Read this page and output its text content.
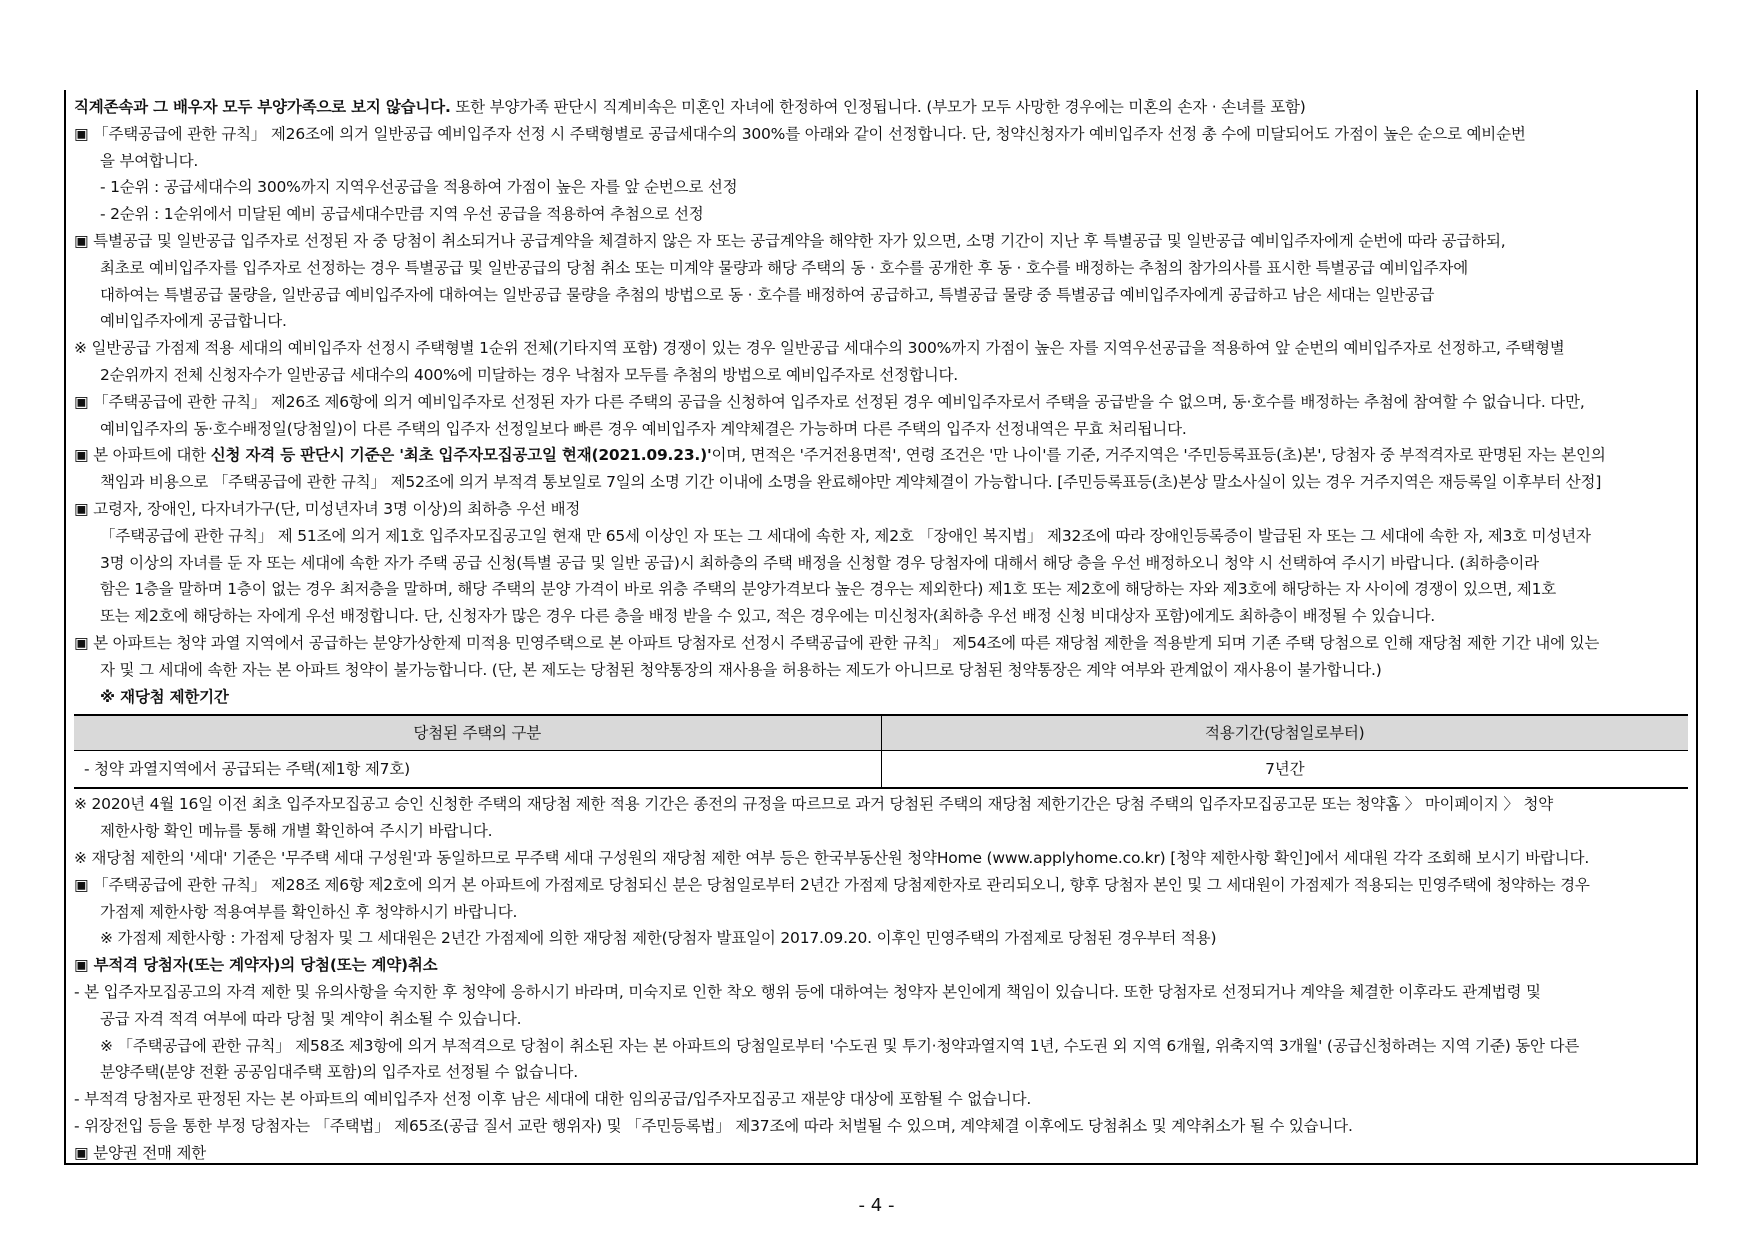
직계존속과 그 배우자 모두 부양가족으로 보지 않습니다. 또한 부양가족 판단시 직계비속은 미혼인 자녀에 한정하여 인정됩니다. (부모가 모두 사망한 경우에는 미혼의 손자 · 손녀를 포함)
▣ 「주택공급에 관한 규칙」 제26조에 의거 일반공급 예비입주자 선정 시 주택형별로 공급세대수의 300%를 아래와 같이 선정합니다. 단, 청약신청자가 예비입주자 선정 총 수에 미달되어도 가점이 높은 순으로 예비순번
을 부여합니다.
- 1순위 : 공급세대수의 300%까지 지역우선공급을 적용하여 가점이 높은 자를 앞 순번으로 선정
- 2순위 : 1순위에서 미달된 예비 공급세대수만큼 지역 우선 공급을 적용하여 추첨으로 선정
▣ 특별공급 및 일반공급 입주자로 선정된 자 중 당첨이 취소되거나 공급계약을 체결하지 않은 자 또는 공급계약을 해약한 자가 있으면, 소명 기간이 지난 후 특별공급 및 일반공급 예비입주자에게 순번에 따라 공급하되,
최초로 예비입주자를 입주자로 선정하는 경우 특별공급 및 일반공급의 당첨 취소 또는 미계약 물량과 해당 주택의 동 · 호수를 공개한 후 동 · 호수를 배정하는 추첨의 참가의사를 표시한 특별공급 예비입주자에
대하여는 특별공급 물량을, 일반공급 예비입주자에 대하여는 일반공급 물량을 추첨의 방법으로 동 · 호수를 배정하여 공급하고, 특별공급 물량 중 특별공급 예비입주자에게 공급하고 남은 세대는 일반공급
예비입주자에게 공급합니다.
※ 일반공급 가점제 적용 세대의 예비입주자 선정시 주택형별 1순위 전체(기타지역 포함) 경쟁이 있는 경우 일반공급 세대수의 300%까지 가점이 높은 자를 지역우선공급을 적용하여 앞 순번의 예비입주자로 선정하고, 주택형별
2순위까지 전체 신청자수가 일반공급 세대수의 400%에 미달하는 경우 낙첨자 모두를 추첨의 방법으로 예비입주자로 선정합니다.
▣ 「주택공급에 관한 규칙」 제26조 제6항에 의거 예비입주자로 선정된 자가 다른 주택의 공급을 신청하여 입주자로 선정된 경우 예비입주자로서 주택을 공급받을 수 없으며, 동·호수를 배정하는 추첨에 참여할 수 없습니다. 다만,
예비입주자의 동·호수배정일(당첨일)이 다른 주택의 입주자 선정일보다 빠른 경우 예비입주자 계약체결은 가능하며 다른 주택의 입주자 선정내역은 무효 처리됩니다.
▣ 본 아파트에 대한 신청 자격 등 판단시 기준은 '최초 입주자모집공고일 현재(2021.09.23.)'이며, 면적은 '주거전용면적', 연령 조건은 '만 나이'를 기준, 거주지역은 '주민등록표등(초)본', 당첨자 중 부적격자로 판명된 자는 본인의
책임과 비용으로 「주택공급에 관한 규칙」 제52조에 의거 부적격 통보일로 7일의 소명 기간 이내에 소명을 완료해야만 계약체결이 가능합니다. [주민등록표등(초)본상 말소사실이 있는 경우 거주지역은 재등록일 이후부터 산정]
▣ 고령자, 장애인, 다자녀가구(단, 미성년자녀 3명 이상)의 최하층 우선 배정
「주택공급에 관한 규칙」 제 51조에 의거 제1호 입주자모집공고일 현재 만 65세 이상인 자 또는 그 세대에 속한 자, 제2호 「장애인 복지법」 제32조에 따라 장애인등록증이 발급된 자 또는 그 세대에 속한 자, 제3호 미성년자
3명 이상의 자녀를 둔 자 또는 세대에 속한 자가 주택 공급 신청(특별 공급 및 일반 공급)시 최하층의 주택 배정을 신청할 경우 당첨자에 대해서 해당 층을 우선 배정하오니 청약 시 선택하여 주시기 바랍니다. (최하층이라
함은 1층을 말하며 1층이 없는 경우 최저층을 말하며, 해당 주택의 분양 가격이 바로 위층 주택의 분양가격보다 높은 경우는 제외한다) 제1호 또는 제2호에 해당하는 자와 제3호에 해당하는 자 사이에 경쟁이 있으면, 제1호
또는 제2호에 해당하는 자에게 우선 배정합니다. 단, 신청자가 많은 경우 다른 층을 배정 받을 수 있고, 적은 경우에는 미신청자(최하층 우선 배정 신청 비대상자 포함)에게도 최하층이 배정될 수 있습니다.
▣ 본 아파트는 청약 과열 지역에서 공급하는 분양가상한제 미적용 민영주택으로 본 아파트 당첨자로 선정시 주택공급에 관한 규칙」 제54조에 따른 재당첨 제한을 적용받게 되며 기존 주택 당첨으로 인해 재당첨 제한 기간 내에 있는
자 및 그 세대에 속한 자는 본 아파트 청약이 불가능합니다. (단, 본 제도는 당첨된 청약통장의 재사용을 허용하는 제도가 아니므로 당첨된 청약통장은 계약 여부와 관계없이 재사용이 불가합니다.)
※ 재당첨 제한기간
당첨된 주택의 구분	적용기간(당첨일로부터)
- 청약 과열지역에서 공급되는 주택(제1항 제7호)	7년간
※ 2020년 4월 16일 이전 최초 입주자모집공고 승인 신청한 주택의 재당첨 제한 적용 기간은 종전의 규정을 따르므로 과거 당첨된 주택의 재당첨 제한기간은 당첨 주택의 입주자모집공고문 또는 청약홈 〉 마이페이지 〉 청약
제한사항 확인 메뉴를 통해 개별 확인하여 주시기 바랍니다.
※ 재당첨 제한의 '세대' 기준은 '무주택 세대 구성원'과 동일하므로 무주택 세대 구성원의 재당첨 제한 여부 등은 한국부동산원 청약Home (www.applyhome.co.kr) [청약 제한사항 확인]에서 세대원 각각 조회해 보시기 바랍니다.
▣ 「주택공급에 관한 규칙」 제28조 제6항 제2호에 의거 본 아파트에 가점제로 당첨되신 분은 당첨일로부터 2년간 가점제 당첨제한자로 관리되오니, 향후 당첨자 본인 및 그 세대원이 가점제가 적용되는 민영주택에 청약하는 경우
가점제 제한사항 적용여부를 확인하신 후 청약하시기 바랍니다.
※ 가점제 제한사항 : 가점제 당첨자 및 그 세대원은 2년간 가점제에 의한 재당첨 제한(당첨자 발표일이 2017.09.20. 이후인 민영주택의 가점제로 당첨된 경우부터 적용)
▣ 부적격 당첨자(또는 계약자)의 당첨(또는 계약)취소
- 본 입주자모집공고의 자격 제한 및 유의사항을 숙지한 후 청약에 응하시기 바라며, 미숙지로 인한 착오 행위 등에 대하여는 청약자 본인에게 책임이 있습니다. 또한 당첨자로 선정되거나 계약을 체결한 이후라도 관계법령 및
공급 자격 적격 여부에 따라 당첨 및 계약이 취소될 수 있습니다.
※ 「주택공급에 관한 규칙」 제58조 제3항에 의거 부적격으로 당첨이 취소된 자는 본 아파트의 당첨일로부터 '수도권 및 투기·청약과열지역 1년, 수도권 외 지역 6개월, 위축지역 3개월' (공급신청하려는 지역 기준) 동안 다른
분양주택(분양 전환 공공임대주택 포함)의 입주자로 선정될 수 없습니다.
- 부적격 당첨자로 판정된 자는 본 아파트의 예비입주자 선정 이후 남은 세대에 대한 임의공급/입주자모집공고 재분양 대상에 포함될 수 없습니다.
- 위장전입 등을 통한 부정 당첨자는 「주택법」 제65조(공급 질서 교란 행위자) 및 「주민등록법」 제37조에 따라 처벌될 수 있으며, 계약체결 이후에도 당첨취소 및 계약취소가 될 수 있습니다.
▣ 분양권 전매 제한
- 4 -
